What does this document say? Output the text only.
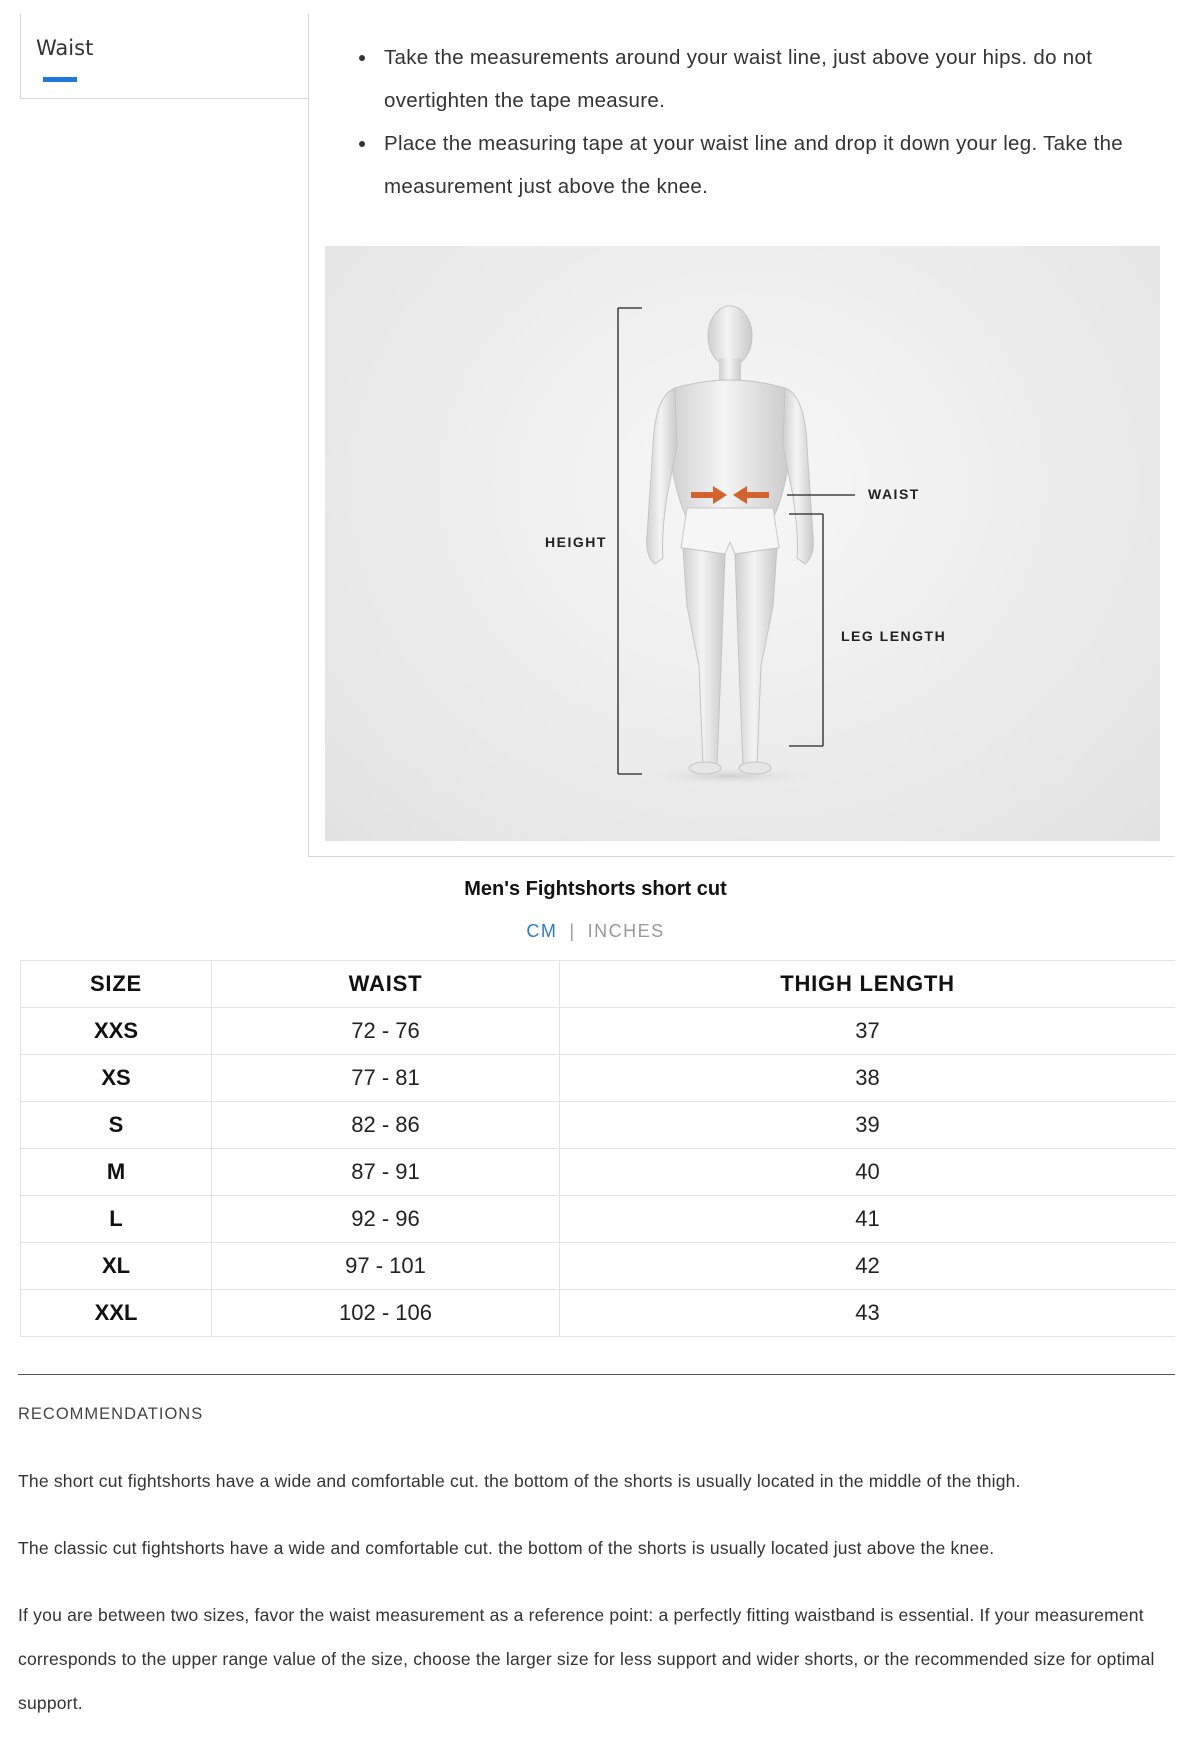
Waist	• Take the measurements around your waist line, just above your hips. do not overtighten the tape measure.
• Place the measuring tape at your waist line and drop it down your leg. Take the measurement just above the knee.
HEIGHT
WAIST
LEG LENGTH
Men's Fightshorts short cut
CM | INCHES
SIZE	WAIST	THIGH LENGTH
XXS	72 - 76	37
XS	77 - 81	38
S	82 - 86	39
M	87 - 91	40
L	92 - 96	41
XL	97 - 101	42
XXL	102 - 106	43
RECOMMENDATIONS

The short cut fightshorts have a wide and comfortable cut. the bottom of the shorts is usually located in the middle of the thigh.

The classic cut fightshorts have a wide and comfortable cut. the bottom of the shorts is usually located just above the knee.

If you are between two sizes, favor the waist measurement as a reference point: a perfectly fitting waistband is essential. If your measurement corresponds to the upper range value of the size, choose the larger size for less support and wider shorts, or the recommended size for optimal support.
